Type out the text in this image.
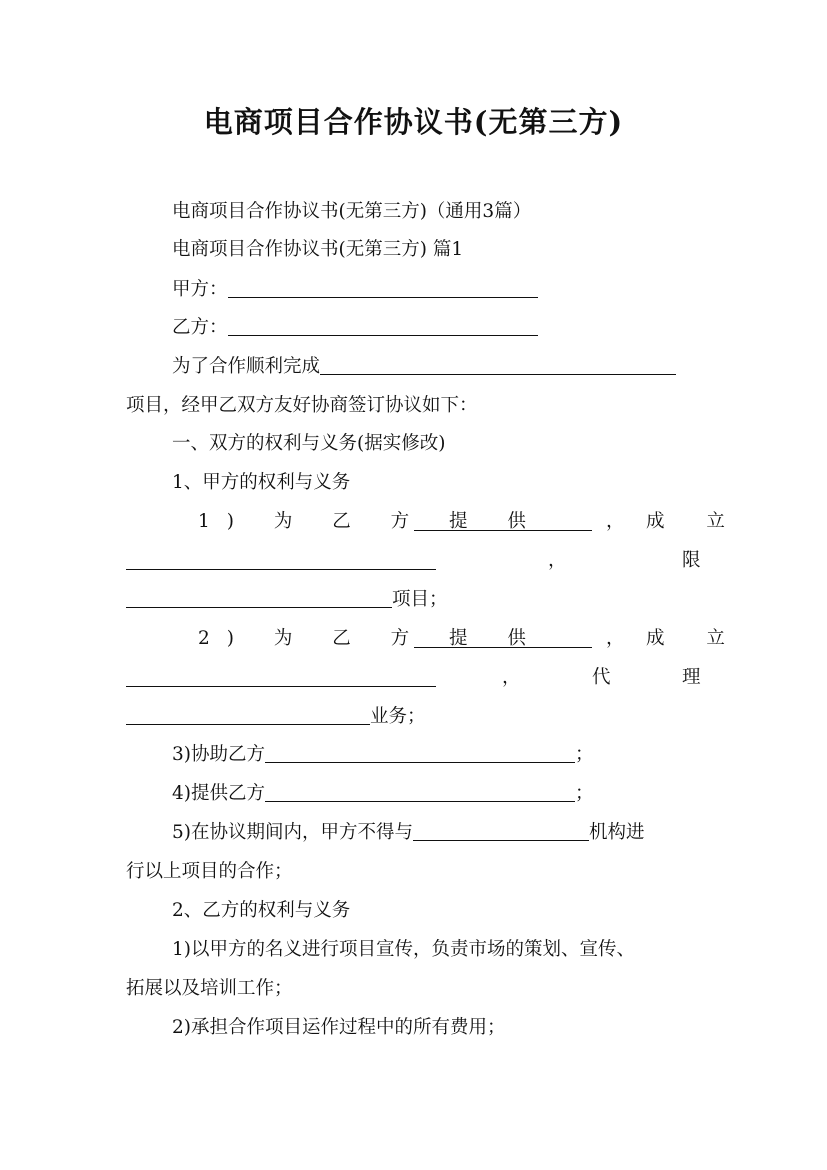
电商项目合作协议书(无第三方)
电商项目合作协议书(无第三方)（通用3篇）
电商项目合作协议书(无第三方) 篇1
甲方：
乙方：
为了合作顺利完成
项目，经甲乙双方友好协商签订协议如下：
一、双方的权利与义务(据实修改)
1、甲方的权利与义务
1) 为 乙 方 提 供	， 成 立
，	限
项目；
2) 为 乙 方 提 供	， 成 立
，	代	理
业务；
3)协助乙方	；
4)提供乙方	；
5)在协议期间内，甲方不得与	机构进
行以上项目的合作；
2、乙方的权利与义务
1)以甲方的名义进行项目宣传，负责市场的策划、宣传、
拓展以及培训工作；
2)承担合作项目运作过程中的所有费用；
